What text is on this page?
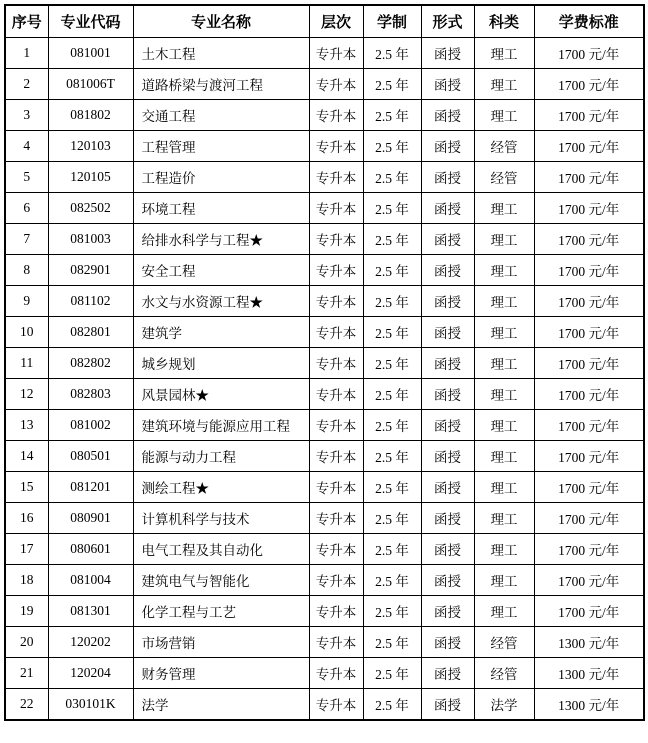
序号	专业代码	专业名称	层次	学制	形式	科类	学费标准
1	081001	土木工程	专升本	2.5 年	函授	理工	1700 元/年
2	081006T	道路桥梁与渡河工程	专升本	2.5 年	函授	理工	1700 元/年
3	081802	交通工程	专升本	2.5 年	函授	理工	1700 元/年
4	120103	工程管理	专升本	2.5 年	函授	经管	1700 元/年
5	120105	工程造价	专升本	2.5 年	函授	经管	1700 元/年
6	082502	环境工程	专升本	2.5 年	函授	理工	1700 元/年
7	081003	给排水科学与工程★	专升本	2.5 年	函授	理工	1700 元/年
8	082901	安全工程	专升本	2.5 年	函授	理工	1700 元/年
9	081102	水文与水资源工程★	专升本	2.5 年	函授	理工	1700 元/年
10	082801	建筑学	专升本	2.5 年	函授	理工	1700 元/年
11	082802	城乡规划	专升本	2.5 年	函授	理工	1700 元/年
12	082803	风景园林★	专升本	2.5 年	函授	理工	1700 元/年
13	081002	建筑环境与能源应用工程	专升本	2.5 年	函授	理工	1700 元/年
14	080501	能源与动力工程	专升本	2.5 年	函授	理工	1700 元/年
15	081201	测绘工程★	专升本	2.5 年	函授	理工	1700 元/年
16	080901	计算机科学与技术	专升本	2.5 年	函授	理工	1700 元/年
17	080601	电气工程及其自动化	专升本	2.5 年	函授	理工	1700 元/年
18	081004	建筑电气与智能化	专升本	2.5 年	函授	理工	1700 元/年
19	081301	化学工程与工艺	专升本	2.5 年	函授	理工	1700 元/年
20	120202	市场营销	专升本	2.5 年	函授	经管	1300 元/年
21	120204	财务管理	专升本	2.5 年	函授	经管	1300 元/年
22	030101K	法学	专升本	2.5 年	函授	法学	1300 元/年
